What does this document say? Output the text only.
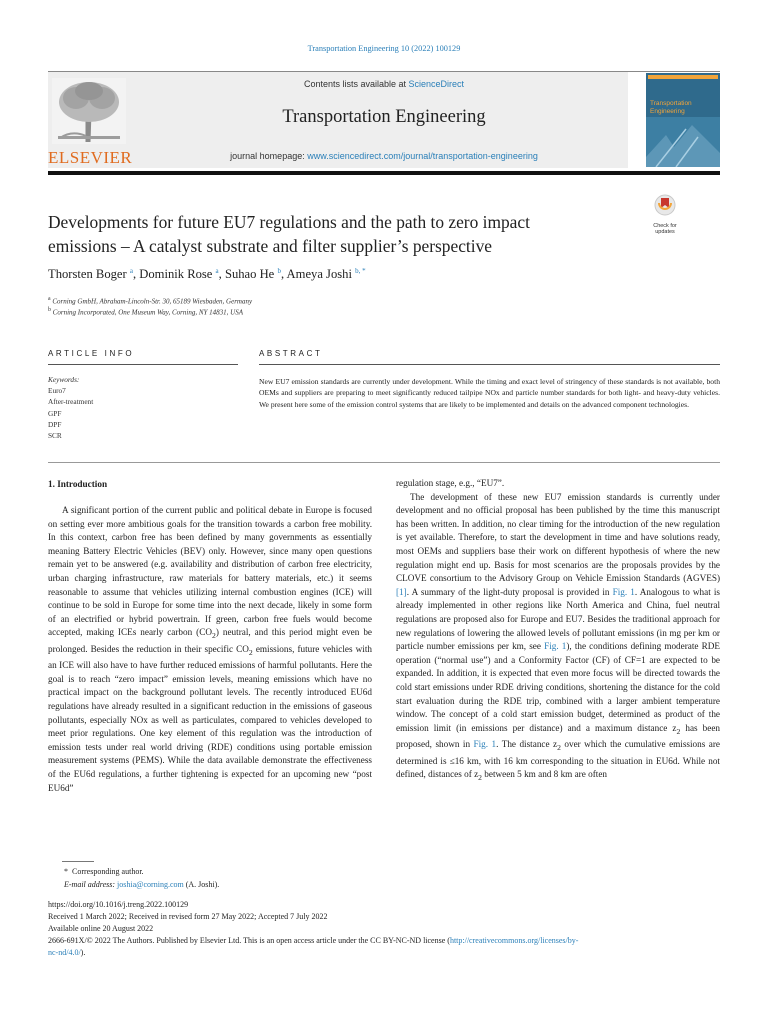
Transportation Engineering 10 (2022) 100129
ELSEVIER
Contents lists available at ScienceDirect
Transportation Engineering
journal homepage: www.sciencedirect.com/journal/transportation-engineering
Transportation
Engineering
Developments for future EU7 regulations and the path to zero impact
emissions – A catalyst substrate and filter supplier’s perspective
Check for
updates
Thorsten Boger $^a$, Dominik Rose $^a$, Suhao He $^b$, Ameya Joshi $^{b, *}$
$^a$ Corning GmbH, Abraham-Lincoln-Str. 30, 65189 Wiesbaden, Germany
$^b$ Corning Incorporated, One Museum Way, Corning, NY 14831, USA
ARTICLE INFO	ABSTRACT
Keywords:
Euro7
After-treatment
GPF
DPF
SCR
New EU7 emission standards are currently under development. While the timing and exact level of stringency of these standards is not available, both OEMs and suppliers are preparing to meet significantly reduced tailpipe NOx and particle number standards for both light- and heavy-duty vehicles. We present here some of the emission control systems that are likely to be implemented and details on the advanced component technologies.
1. Introduction

A significant portion of the current public and political debate in Europe is focused on setting ever more ambitious goals for the transition towards a carbon free mobility. In this context, carbon free has been defined by many governments as essentially meaning Battery Electric Vehicles (BEV) only. However, since many open questions remain yet to be answered (e.g. availability and distribution of carbon free electricity, urban charging infrastructure, raw materials for battery materials, etc.) it seems reasonable to assume that vehicles utilizing internal combustion engines (ICE) will continue to be sold in Europe for some time into the next decade, likely in some form of an electrified or hybrid powertrain. If green, carbon free fuels would become accepted, making ICEs nearly carbon $(CO_2)$ neutral, and this period might even be prolonged. Besides the reduction in their specific $CO_2$ emissions, future vehicles with an ICE will also have to have further reduced emissions of harmful pollutants. Here the goal is to reach “zero impact” emission levels, meaning emissions which have no practical impact on the background pollutant levels. The recently introduced EU6d regulations have already resulted in a significant reduction in the emissions of gaseous pollutants, especially NOx as well as particulates, compared to vehicles developed to meet prior regulations. One key element of this regulation was the introduction of emission tests under real world driving (RDE) conditions using portable emission measurement systems (PEMS). While the data available demonstrate the effectiveness of the EU6d regulations, a further tightening is expected for an upcoming new “post EU6d”

regulation stage, e.g., “EU7”.

The development of these new EU7 emission standards is currently under development and no official proposal has been published by the time this manuscript has been written. In addition, no clear timing for the introduction of the new regulation is yet available. Therefore, to start the development in time and have solutions ready, most OEMs and suppliers base their work on different hypothesis of where the new regulation might end up. Basis for most scenarios are the proposals provides by the CLOVE consortium to the Advisory Group on Vehicle Emission Standards (AGVES) [1]. A summary of the light-duty proposal is provided in Fig. 1. Analogous to what is already implemented in other regions like North America and China, fuel neutral regulations are proposed also for Europe and EU7. Besides the traditional approach for new regulations of lowering the allowed levels of pollutant emissions (in mg per km or particle number emissions per km, see Fig. 1), the conditions defining moderate RDE operation (“normal use”) and a Conformity Factor (CF) of CF=1 are expected to be expanded. In addition, it is expected that even more focus will be directed towards the cold start emissions under RDE driving conditions, shortening the distance for the cold start evaluation during the RDE trip, combined with a larger ambient temperature window. The concept of a cold start emission budget, determined as product of the emission limit (in emissions per distance) and a maximum distance $z_2$ has been proposed, shown in Fig. 1. The distance $z_2$ over which the cumulative emissions are determined is ≤16 km, with 16 km corresponding to the situation in EU6d. While not defined, distances of $z_2$ between 5 km and 8 km are often

* Corresponding author.
E-mail address: joshia@corning.com (A. Joshi).
https://doi.org/10.1016/j.treng.2022.100129
Received 1 March 2022; Received in revised form 27 May 2022; Accepted 7 July 2022
Available online 20 August 2022
2666-691X/© 2022 The Authors. Published by Elsevier Ltd. This is an open access article under the CC BY-NC-ND license (http://creativecommons.org/licenses/by-
nc-nd/4.0/).
